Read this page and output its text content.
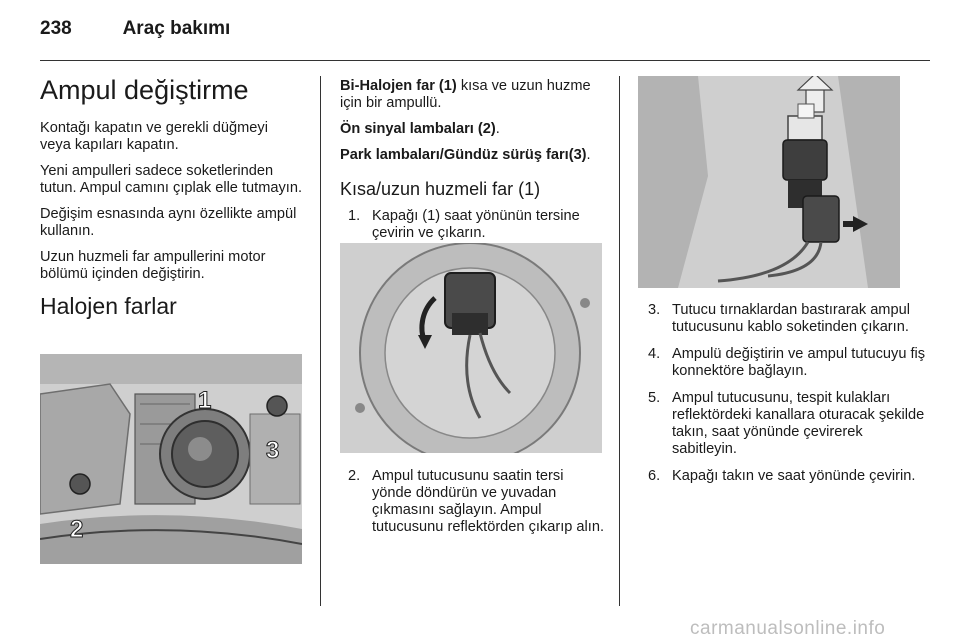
238	Araç bakımı
Ampul değiştirme

Kontağı kapatın ve gerekli düğmeyi veya kapıları kapatın.

Yeni ampulleri sadece soketlerinden tutun. Ampul camını çıplak elle tutmayın.

Değişim esnasında aynı özellikte ampül kullanın.

Uzun huzmeli far ampullerini motor bölümü içinden değiştirin.

Halojen farlar
1
2
3

Bi-Halojen far (1) kısa ve uzun huzme için bir ampullü.

Ön sinyal lambaları (2).

Park lambaları/Gündüz sürüş farı(3).

Kısa/uzun huzmeli far (1)
1. Kapağı (1) saat yönünün tersine çevirin ve çıkarın.
2. Ampul tutucusunu saatin tersi yönde döndürün ve yuvadan çıkmasını sağlayın. Ampul tutucusunu reflektörden çıkarıp alın.
3. Tutucu tırnaklardan bastırarak ampul tutucusunu kablo soketinden çıkarın.
4. Ampulü değiştirin ve ampul tutucuyu fiş konnektöre bağlayın.
5. Ampul tutucusunu, tespit kulakları reflektördeki kanallara oturacak şekilde takın, saat yönünde çevirerek sabitleyin.
6. Kapağı takın ve saat yönünde çevirin.
carmanualsonline.info
